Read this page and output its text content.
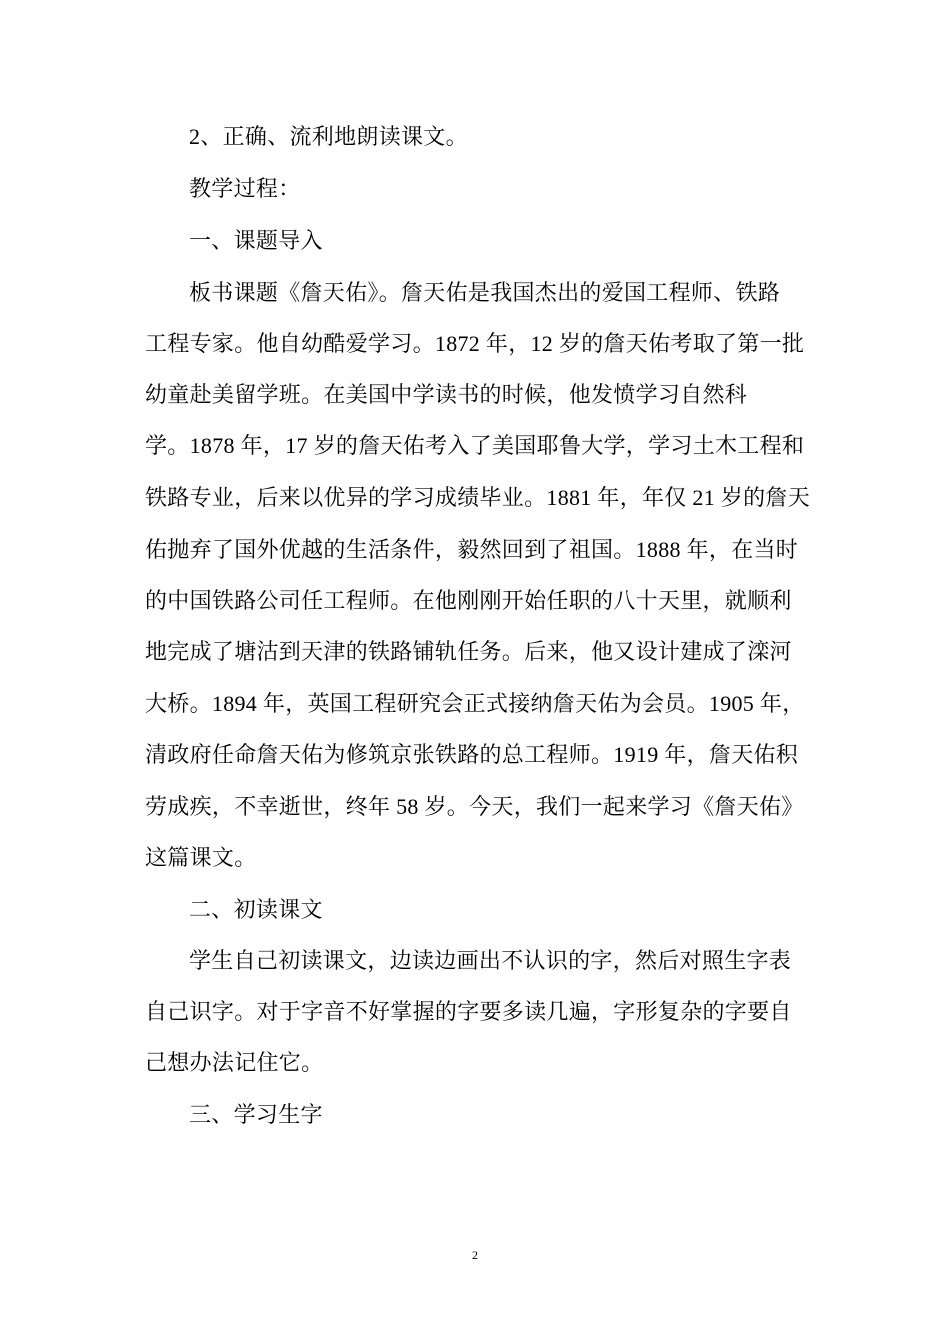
2、正确、流利地朗读课文。
教学过程：
一、课题导入
板书课题《詹天佑》。詹天佑是我国杰出的爱国工程师、铁路
工程专家。他自幼酷爱学习。1872 年，12 岁的詹天佑考取了第一批
幼童赴美留学班。在美国中学读书的时候，他发愤学习自然科
学。1878 年，17 岁的詹天佑考入了美国耶鲁大学，学习土木工程和
铁路专业，后来以优异的学习成绩毕业。1881 年，年仅 21 岁的詹天
佑抛弃了国外优越的生活条件，毅然回到了祖国。1888 年，在当时
的中国铁路公司任工程师。在他刚刚开始任职的八十天里，就顺利
地完成了塘沽到天津的铁路铺轨任务。后来，他又设计建成了滦河
大桥。1894 年，英国工程研究会正式接纳詹天佑为会员。1905 年，
清政府任命詹天佑为修筑京张铁路的总工程师。1919 年，詹天佑积
劳成疾，不幸逝世，终年 58 岁。今天，我们一起来学习《詹天佑》
这篇课文。
二、初读课文
学生自己初读课文，边读边画出不认识的字，然后对照生字表
自己识字。对于字音不好掌握的字要多读几遍，字形复杂的字要自
己想办法记住它。
三、学习生字
2
